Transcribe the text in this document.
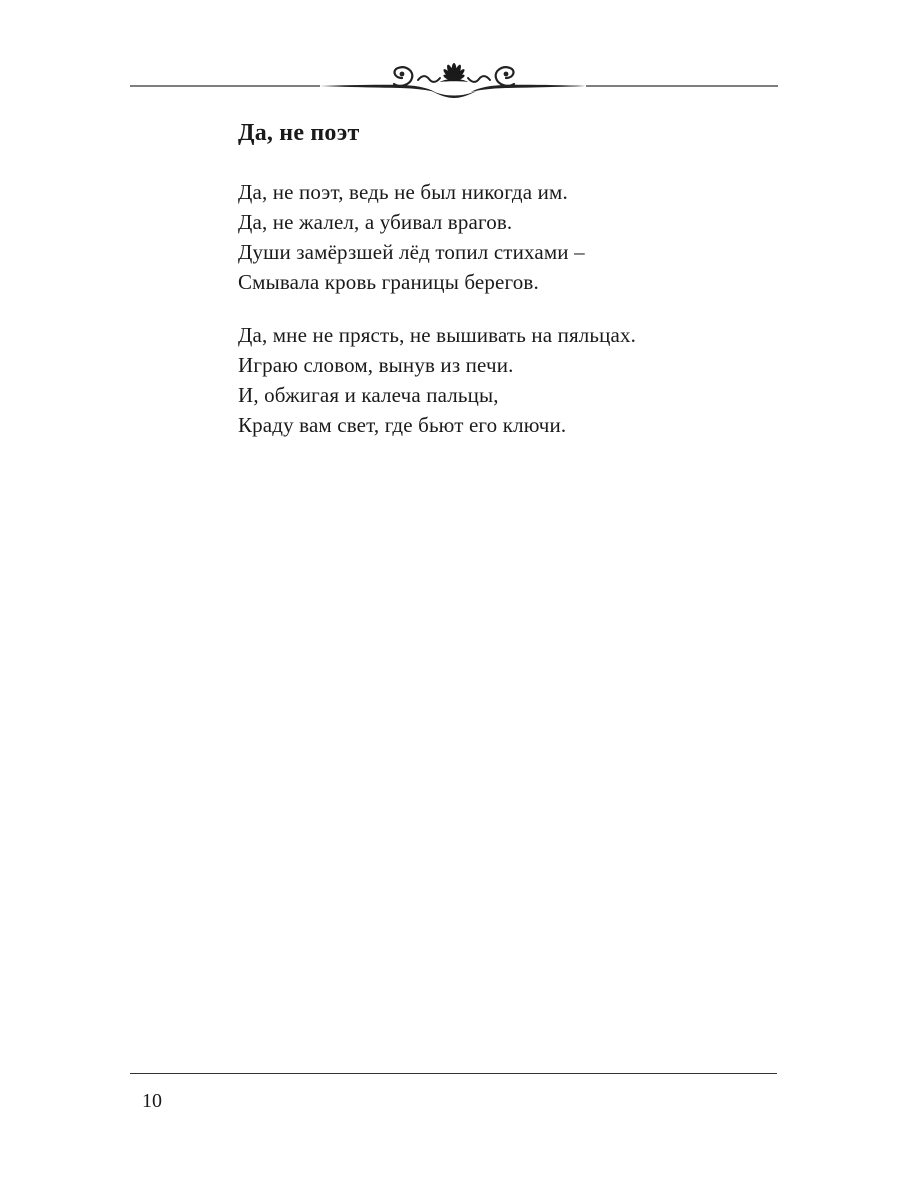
Да, не поэт
Да, не поэт, ведь не был никогда им.
Да, не жалел, а убивал врагов.
Души замёрзшей лёд топил стихами –
Смывала кровь границы берегов.
Да, мне не прясть, не вышивать на пяльцах.
Играю словом, вынув из печи.
И, обжигая и калеча пальцы,
Краду вам свет, где бьют его ключи.
10
